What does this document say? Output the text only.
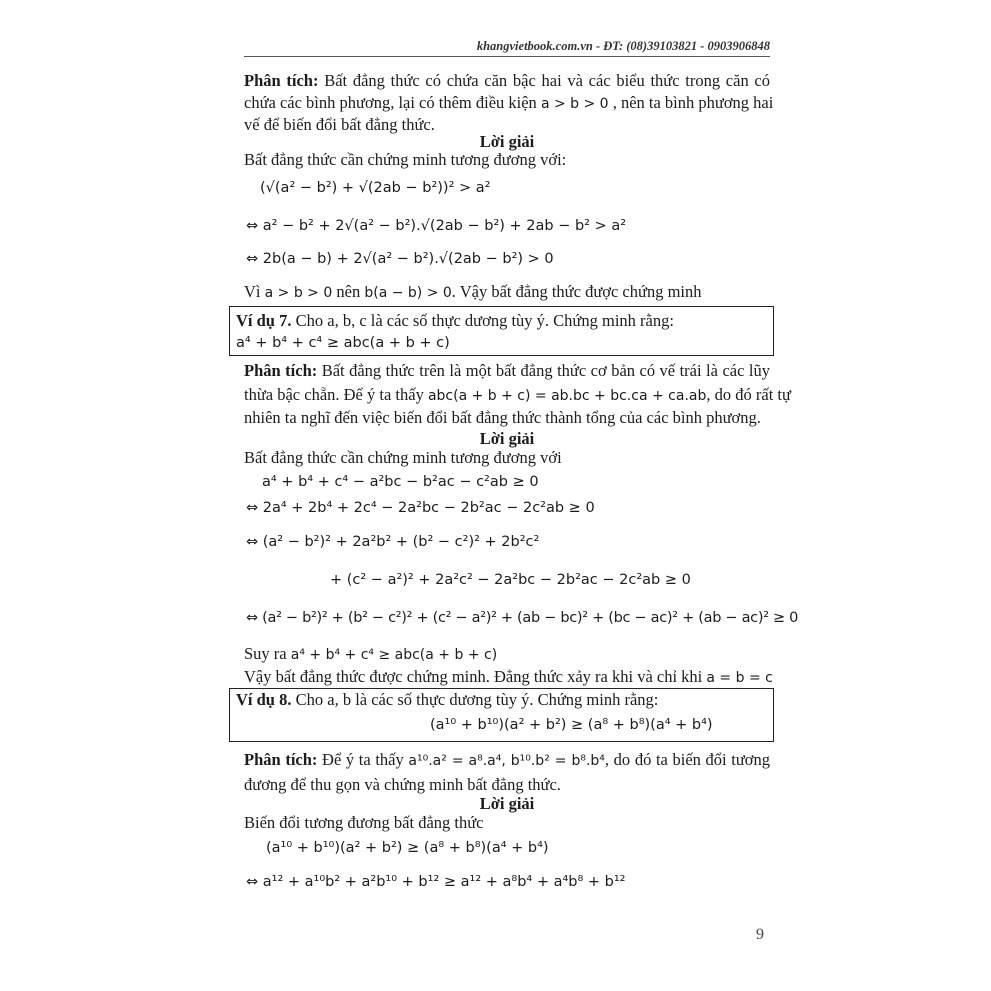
khangvietbook.com.vn - ĐT: (08)39103821 - 0903906848
Phân tích: Bất đẳng thức có chứa căn bậc hai và các biểu thức trong căn có
chứa các bình phương, lại có thêm điều kiện a > b > 0 , nên ta bình phương hai
vế để biến đổi bất đẳng thức.
Lời giải
Bất đẳng thức cần chứng minh tương đương với:
(√(a² − b²) + √(2ab − b²))² > a²
⇔ a² − b² + 2√(a² − b²).√(2ab − b²) + 2ab − b² > a²
⇔ 2b(a − b) + 2√(a² − b²).√(2ab − b²) > 0
Vì a > b > 0 nên b(a − b) > 0. Vậy bất đẳng thức được chứng minh
Ví dụ 7. Cho a, b, c là các số thực dương tùy ý. Chứng minh rằng:
a⁴ + b⁴ + c⁴ ≥ abc(a + b + c)
Phân tích: Bất đẳng thức trên là một bất đẳng thức cơ bản có vế trái là các lũy
thừa bậc chẵn. Để ý ta thấy abc(a + b + c) = ab.bc + bc.ca + ca.ab, do đó rất tự
nhiên ta nghĩ đến việc biến đổi bất đẳng thức thành tổng của các bình phương.
Lời giải
Bất đẳng thức cần chứng minh tương đương với
a⁴ + b⁴ + c⁴ − a²bc − b²ac − c²ab ≥ 0
⇔ 2a⁴ + 2b⁴ + 2c⁴ − 2a²bc − 2b²ac − 2c²ab ≥ 0
⇔ (a² − b²)² + 2a²b² + (b² − c²)² + 2b²c²
+ (c² − a²)² + 2a²c² − 2a²bc − 2b²ac − 2c²ab ≥ 0
⇔ (a² − b²)² + (b² − c²)² + (c² − a²)² + (ab − bc)² + (bc − ac)² + (ab − ac)² ≥ 0
Suy ra a⁴ + b⁴ + c⁴ ≥ abc(a + b + c)
Vậy bất đẳng thức được chứng minh. Đẳng thức xảy ra khi và chỉ khi a = b = c
Ví dụ 8. Cho a, b là các số thực dương tùy ý. Chứng minh rằng:
(a¹⁰ + b¹⁰)(a² + b²) ≥ (a⁸ + b⁸)(a⁴ + b⁴)
Phân tích: Để ý ta thấy a¹⁰.a² = a⁸.a⁴, b¹⁰.b² = b⁸.b⁴, do đó ta biến đổi tương
đương để thu gọn và chứng minh bất đẳng thức.
Lời giải
Biến đổi tương đương bất đẳng thức
(a¹⁰ + b¹⁰)(a² + b²) ≥ (a⁸ + b⁸)(a⁴ + b⁴)
⇔ a¹² + a¹⁰b² + a²b¹⁰ + b¹² ≥ a¹² + a⁸b⁴ + a⁴b⁸ + b¹²
9
